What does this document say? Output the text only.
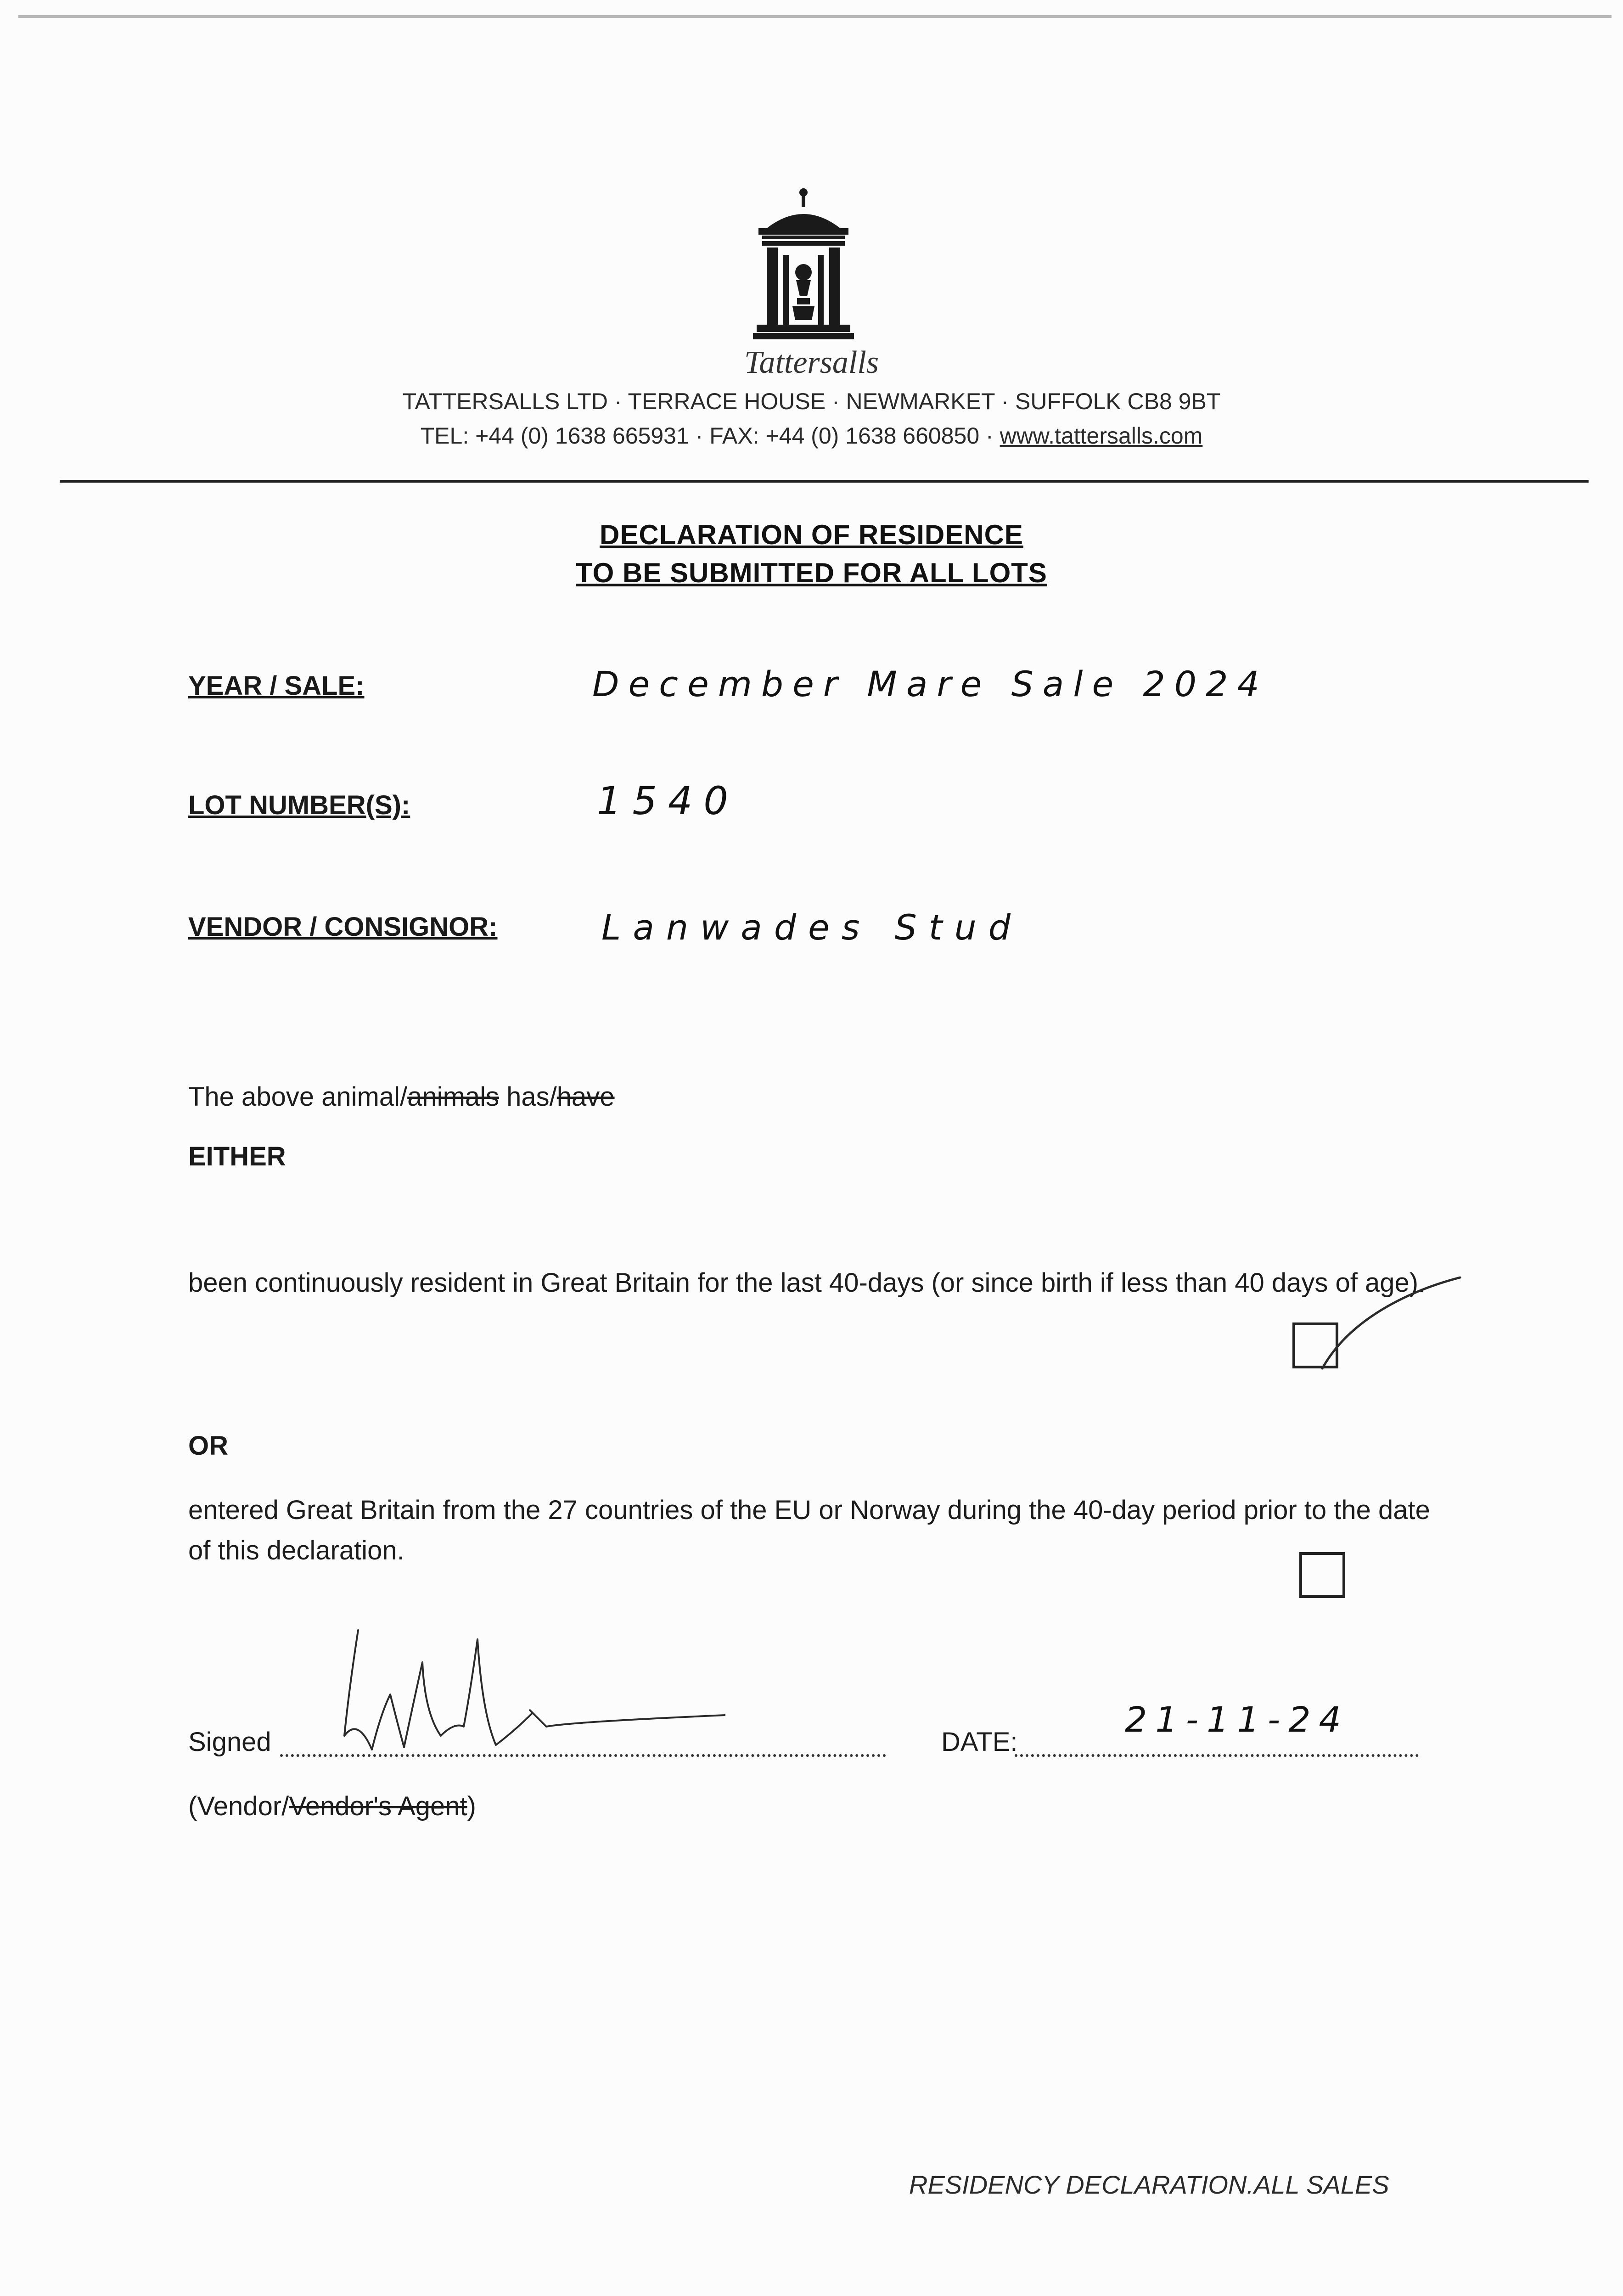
Tattersalls
TATTERSALLS LTD · TERRACE HOUSE · NEWMARKET · SUFFOLK CB8 9BT
TEL: +44 (0) 1638 665931 · FAX: +44 (0) 1638 660850 · www.tattersalls.com
DECLARATION OF RESIDENCE
TO BE SUBMITTED FOR ALL LOTS
YEAR / SALE:	December Mare Sale 2024
LOT NUMBER(S):	1540
VENDOR / CONSIGNOR:	Lanwades Stud
The above animal/animals has/have
EITHER
been continuously resident in Great Britain for the last 40-days (or since birth if less than 40 days of age).
OR
entered Great Britain from the 27 countries of the EU or Norway during the 40-day period prior to the date of this declaration.
Signed	DATE:
21-11-24
(Vendor/Vendor's Agent)
RESIDENCY DECLARATION.ALL SALES
